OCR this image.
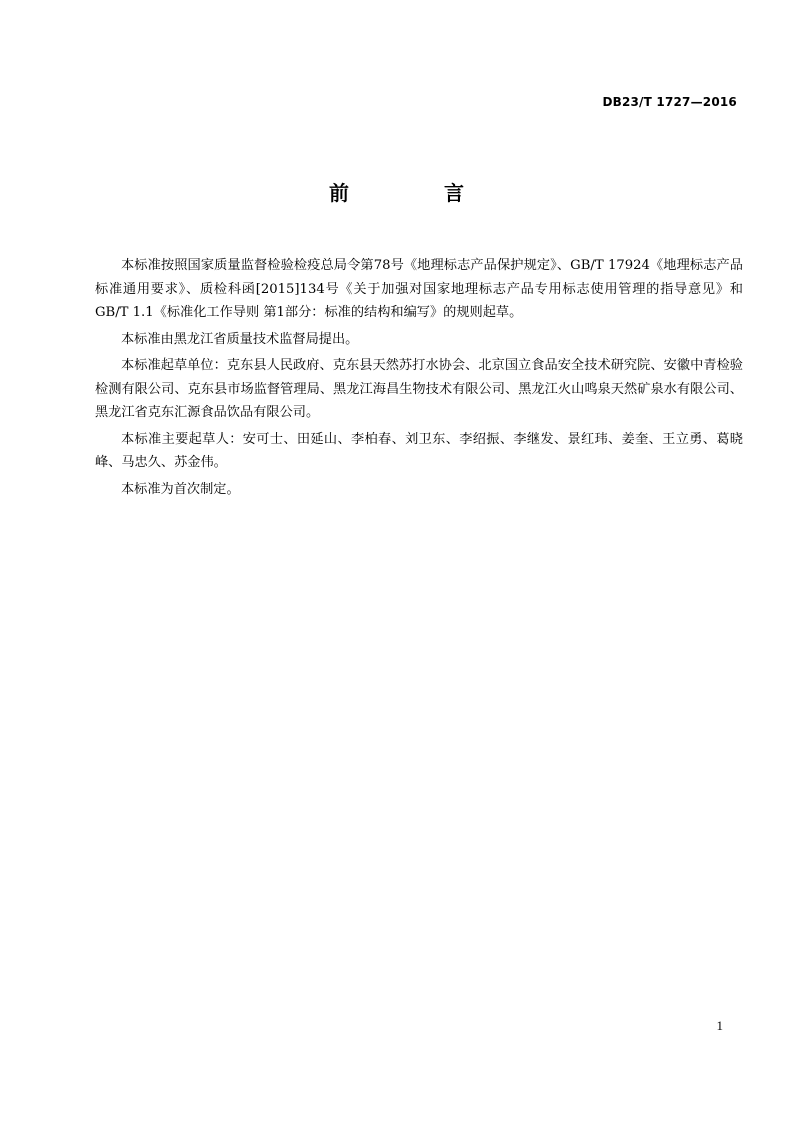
DB23/T 1727—2016
前 言

本标准按照国家质量监督检验检疫总局令第78号《地理标志产品保护规定》、GB/T 17924《地理标志产品标准通用要求》、质检科函[2015]134号《关于加强对国家地理标志产品专用标志使用管理的指导意见》和 GB/T 1.1《标准化工作导则 第1部分：标准的结构和编写》的规则起草。

本标准由黑龙江省质量技术监督局提出。

本标准起草单位：克东县人民政府、克东县天然苏打水协会、北京国立食品安全技术研究院、安徽中青检验检测有限公司、克东县市场监督管理局、黑龙江海昌生物技术有限公司、黑龙江火山鸣泉天然矿泉水有限公司、黑龙江省克东汇源食品饮品有限公司。

本标准主要起草人：安可士、田延山、李柏春、刘卫东、李绍振、李继发、景红玮、姜奎、王立勇、葛晓峰、马忠久、苏金伟。

本标准为首次制定。

1
